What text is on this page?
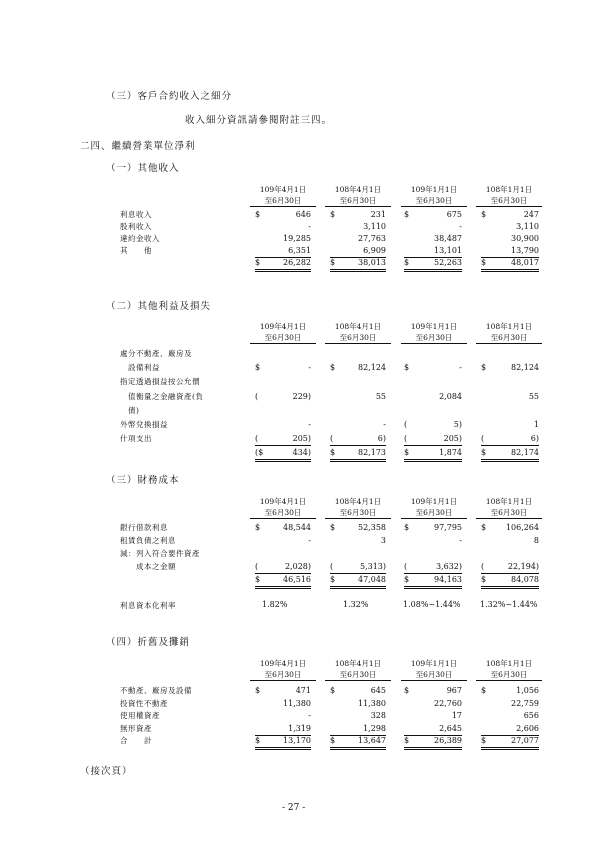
（三）客戶合約收入之細分
收入細分資訊請參閱附註三四。
二四、繼續營業單位淨利
（一）其他收入
109年4月1日
至6月30日
108年4月1日
至6月30日
109年1月1日
至6月30日
108年1月1日
至6月30日
利息收入	$	646 $	231 $	675 $	247
股利收入	-	3,110	-	3,110
違約金收入	19,285	27,763	38,487	30,900
其　　他	6,351	6,909	13,101	13,790
$	26,282 $	38,013 $	52,263 $	48,017
（二）其他利益及損失
109年4月1日
至6月30日
108年4月1日
至6月30日
109年1月1日
至6月30日
108年1月1日
至6月30日
處分不動產、廠房及
　設備利益	$	- $	82,124 $	- $	82,124
指定透過損益按公允價
　值衡量之金融資產(負	(	229)	55	2,084	55
　債)
外幣兌換損益	-	- (	5)	1
什項支出	(	205) (	6) (	205) (	6)
($	434) $	82,173 $	1,874 $	82,174
（三）財務成本
109年4月1日
至6月30日
108年4月1日
至6月30日
109年1月1日
至6月30日
108年1月1日
至6月30日
銀行借款利息	$	48,544 $	52,358 $	97,795 $ 106,264
租賃負債之利息	-	3	-	8
減：列入符合要件資產
　　成本之金額	(	2,028) (	5,313) (	3,632) (	22,194)
$	46,516 $	47,048 $	94,163 $	84,078
利息資本化利率	1.82%	1.32%	1.08%~1.44% 1.32%~1.44%
（四）折舊及攤銷
109年4月1日
至6月30日
108年4月1日
至6月30日
109年1月1日
至6月30日
108年1月1日
至6月30日
不動產、廠房及設備	$	471 $	645 $	967 $	1,056
投資性不動產	11,380	11,380	22,760	22,759
使用權資產	-	328	17	656
無形資產	1,319	1,298	2,645	2,606
合　　計	$	13,170 $	13,647 $	26,389 $	27,077
（接次頁）
- 27 -
